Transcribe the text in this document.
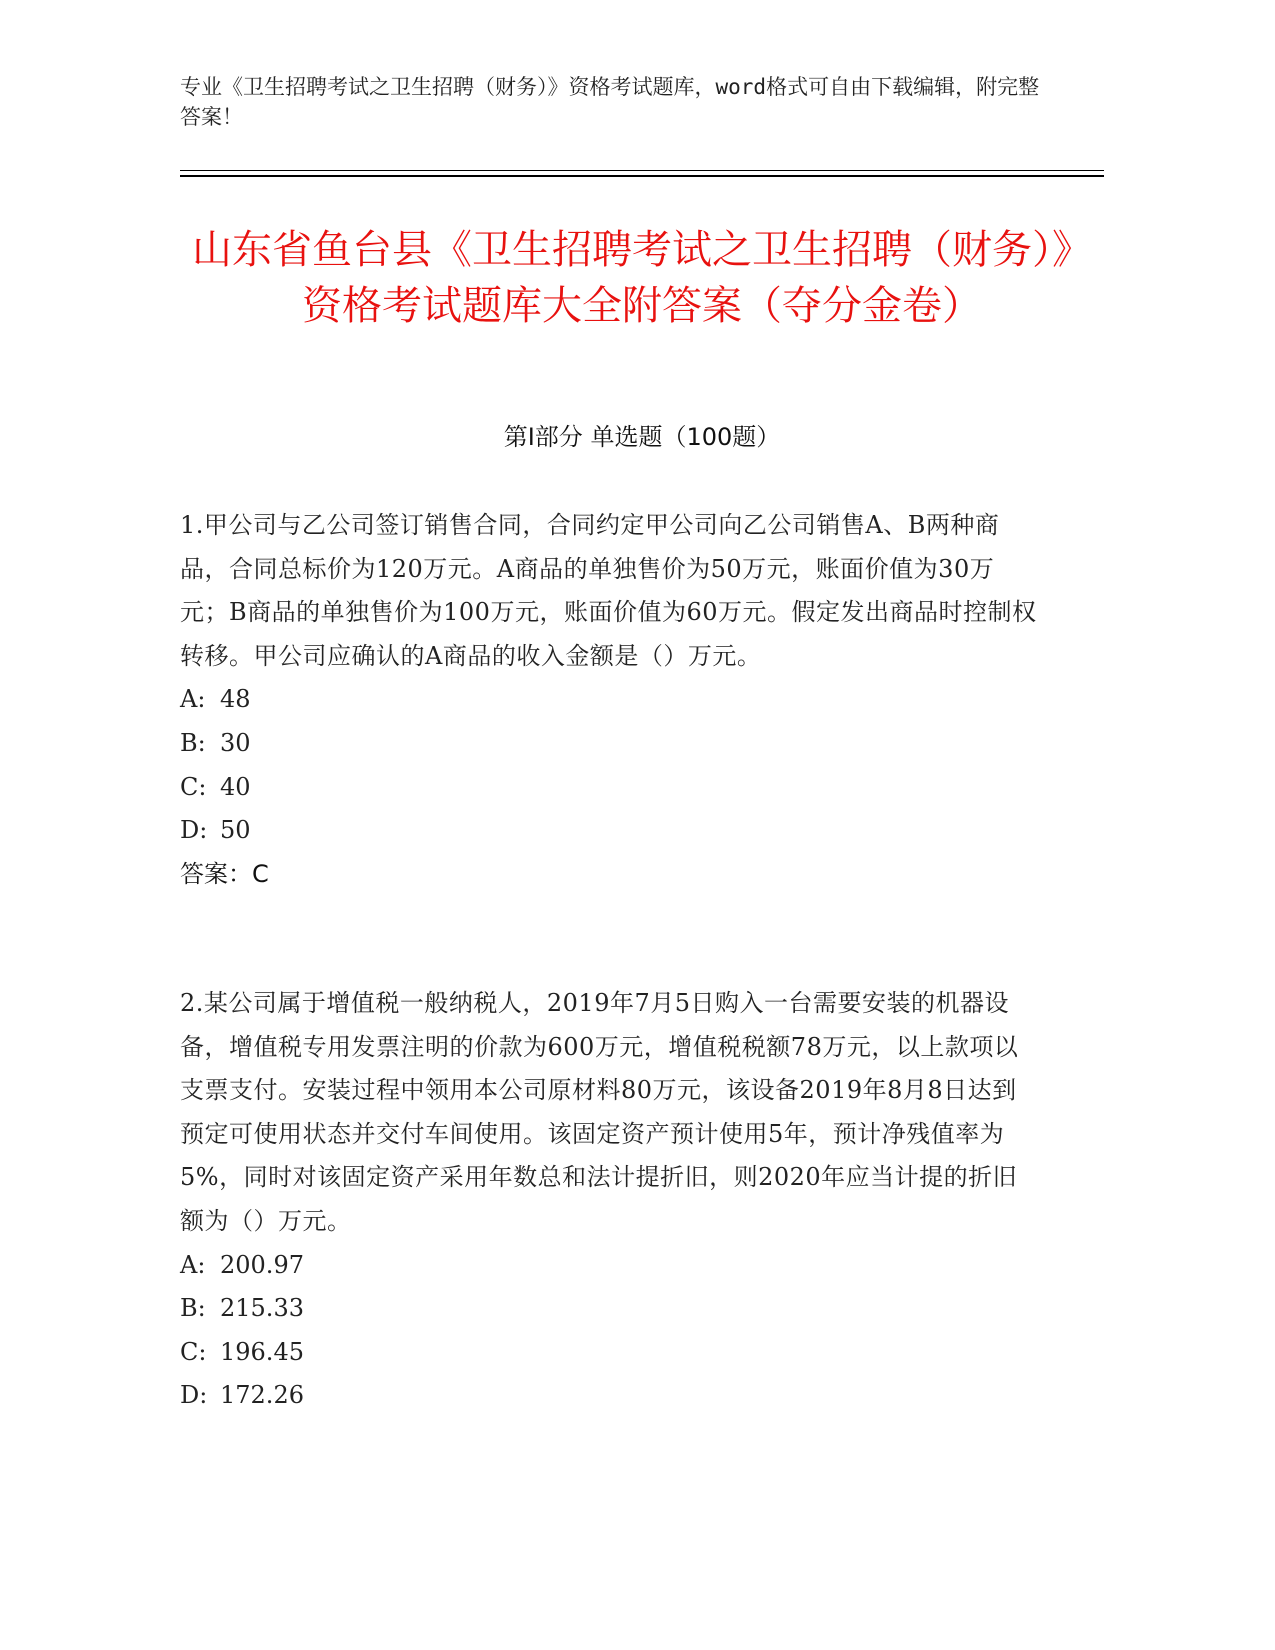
专业《卫生招聘考试之卫生招聘（财务）》资格考试题库，word格式可自由下载编辑，附完整答案！
山东省鱼台县《卫生招聘考试之卫生招聘（财务）》资格考试题库大全附答案（夺分金卷）
第Ⅰ部分 单选题（100题）

1.甲公司与乙公司签订销售合同，合同约定甲公司向乙公司销售A、B两种商品，合同总标价为120万元。A商品的单独售价为50万元，账面价值为30万元；B商品的单独售价为100万元，账面价值为60万元。假定发出商品时控制权转移。甲公司应确认的A商品的收入金额是（）万元。

A: 48
B: 30
C: 40
D: 50

答案：C

2.某公司属于增值税一般纳税人，2019年7月5日购入一台需要安装的机器设备，增值税专用发票注明的价款为600万元，增值税税额78万元，以上款项以支票支付。安装过程中领用本公司原材料80万元，该设备2019年8月8日达到预定可使用状态并交付车间使用。该固定资产预计使用5年，预计净残值率为5%，同时对该固定资产采用年数总和法计提折旧，则2020年应当计提的折旧额为（）万元。

A: 200.97
B: 215.33
C: 196.45
D: 172.26
